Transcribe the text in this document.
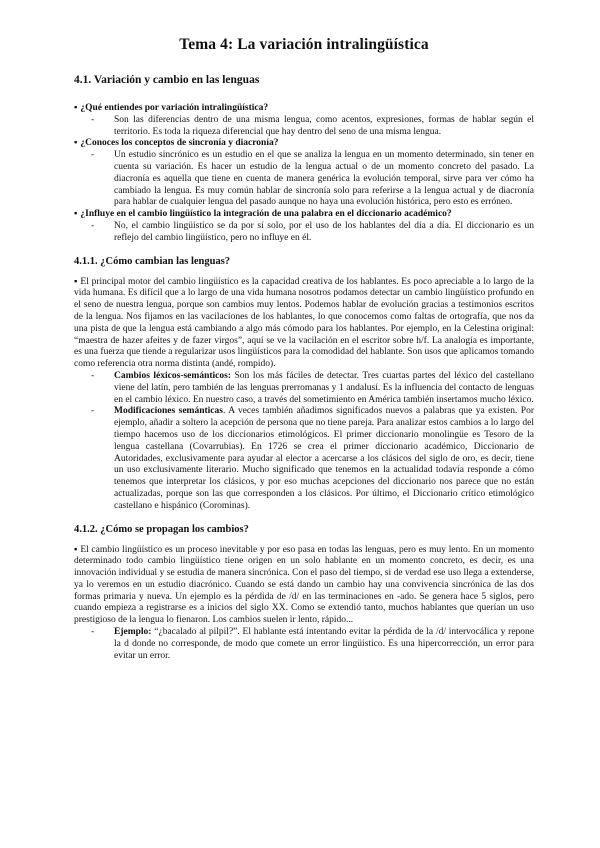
Tema 4: La variación intralingüística
4.1. Variación y cambio en las lenguas
▪ ¿Qué entiendes por variación intralingüística?
- Son las diferencias dentro de una misma lengua, como acentos, expresiones, formas de hablar según el territorio. Es toda la riqueza diferencial que hay dentro del seno de una misma lengua.
▪ ¿Conoces los conceptos de sincronía y diacronía?
- Un estudio sincrónico es un estudio en el que se analiza la lengua en un momento determinado, sin tener en cuenta su variación. Es hacer un estudio de la lengua actual o de un momento concreto del pasado. La diacronía es aquella que tiene en cuenta de manera genérica la evolución temporal, sirve para ver cómo ha cambiado la lengua. Es muy común hablar de sincronía solo para referirse a la lengua actual y de diacronía para hablar de cualquier lengua del pasado aunque no haya una evolución histórica, pero esto es erróneo.
▪ ¿Influye en el cambio lingüístico la integración de una palabra en el diccionario académico?
- No, el cambio lingüístico se da por sí solo, por el uso de los hablantes del día a día. El diccionario es un reflejo del cambio lingüístico, pero no influye en él.
4.1.1. ¿Cómo cambian las lenguas?

▪ El principal motor del cambio lingüístico es la capacidad creativa de los hablantes. Es poco apreciable a lo largo de la vida humana. Es difícil que a lo largo de una vida humana nosotros podamos detectar un cambio lingüístico profundo en el seno de nuestra lengua, porque son cambios muy lentos. Podemos hablar de evolución gracias a testimonios escritos de la lengua. Nos fijamos en las vacilaciones de los hablantes, lo que conocemos como faltas de ortografía, que nos da una pista de que la lengua está cambiando a algo más cómodo para los hablantes. Por ejemplo, en la Celestina original: “maestra de hazer afeites y de fazer virgos”, aquí se ve la vacilación en el escritor sobre h/f. La analogía es importante, es una fuerza que tiende a regularizar usos lingüísticos para la comodidad del hablante. Son usos que aplicamos tomando como referencia otra norma distinta (andé, rompido).

- Cambios léxicos-semánticos: Son los más fáciles de detectar. Tres cuartas partes del léxico del castellano viene del latín, pero también de las lenguas prerromanas y 1 andalusí. Es la influencia del contacto de lenguas en el cambio léxico. En nuestro caso, a través del sometimiento en América también insertamos mucho léxico.
- Modificaciones semánticas. A veces también añadimos significados nuevos a palabras que ya existen. Por ejemplo, añadir a soltero la acepción de persona que no tiene pareja. Para analizar estos cambios a lo largo del tiempo hacemos uso de los diccionarios etimológicos. El primer diccionario monolingüe es Tesoro de la lengua castellana (Covarrubias). En 1726 se crea el primer diccionario académico, Diccionario de Autoridades, exclusivamente para ayudar al elector a acercarse a los clásicos del siglo de oro, es decir, tiene un uso exclusivamente literario. Mucho significado que tenemos en la actualidad todavía responde a cómo tenemos que interpretar los clásicos, y por eso muchas acepciones del diccionario nos parece que no están actualizadas, porque son las que corresponden a los clásicos. Por último, el Diccionario crítico etimológico castellano e hispánico (Corominas).
4.1.2. ¿Cómo se propagan los cambios?

▪ El cambio lingüístico es un proceso inevitable y por eso pasa en todas las lenguas, pero es muy lento. En un momento determinado todo cambio lingüístico tiene origen en un solo hablante en un momento concreto, es decir, es una innovación individual y se estudia de manera sincrónica. Con el paso del tiempo, si de verdad ese uso llega a extenderse, ya lo veremos en un estudio diacrónico. Cuando se está dando un cambio hay una convivencia sincrónica de las dos formas primaria y nueva. Un ejemplo es la pérdida de /d/ en las terminaciones en -ado. Se genera hace 5 siglos, pero cuando empieza a registrarse es a inicios del siglo XX. Como se extendió tanto, muchos hablantes que querían un uso prestigioso de la lengua lo fienaron. Los cambios suelen ir lento, rápido...

- Ejemplo: “¿bacalado al pilpil?”. El hablante está intentando evitar la pérdida de la /d/ intervocálica y repone la d donde no corresponde, de modo que comete un error lingüístico. Es una hipercorrección, un error para evitar un error.
